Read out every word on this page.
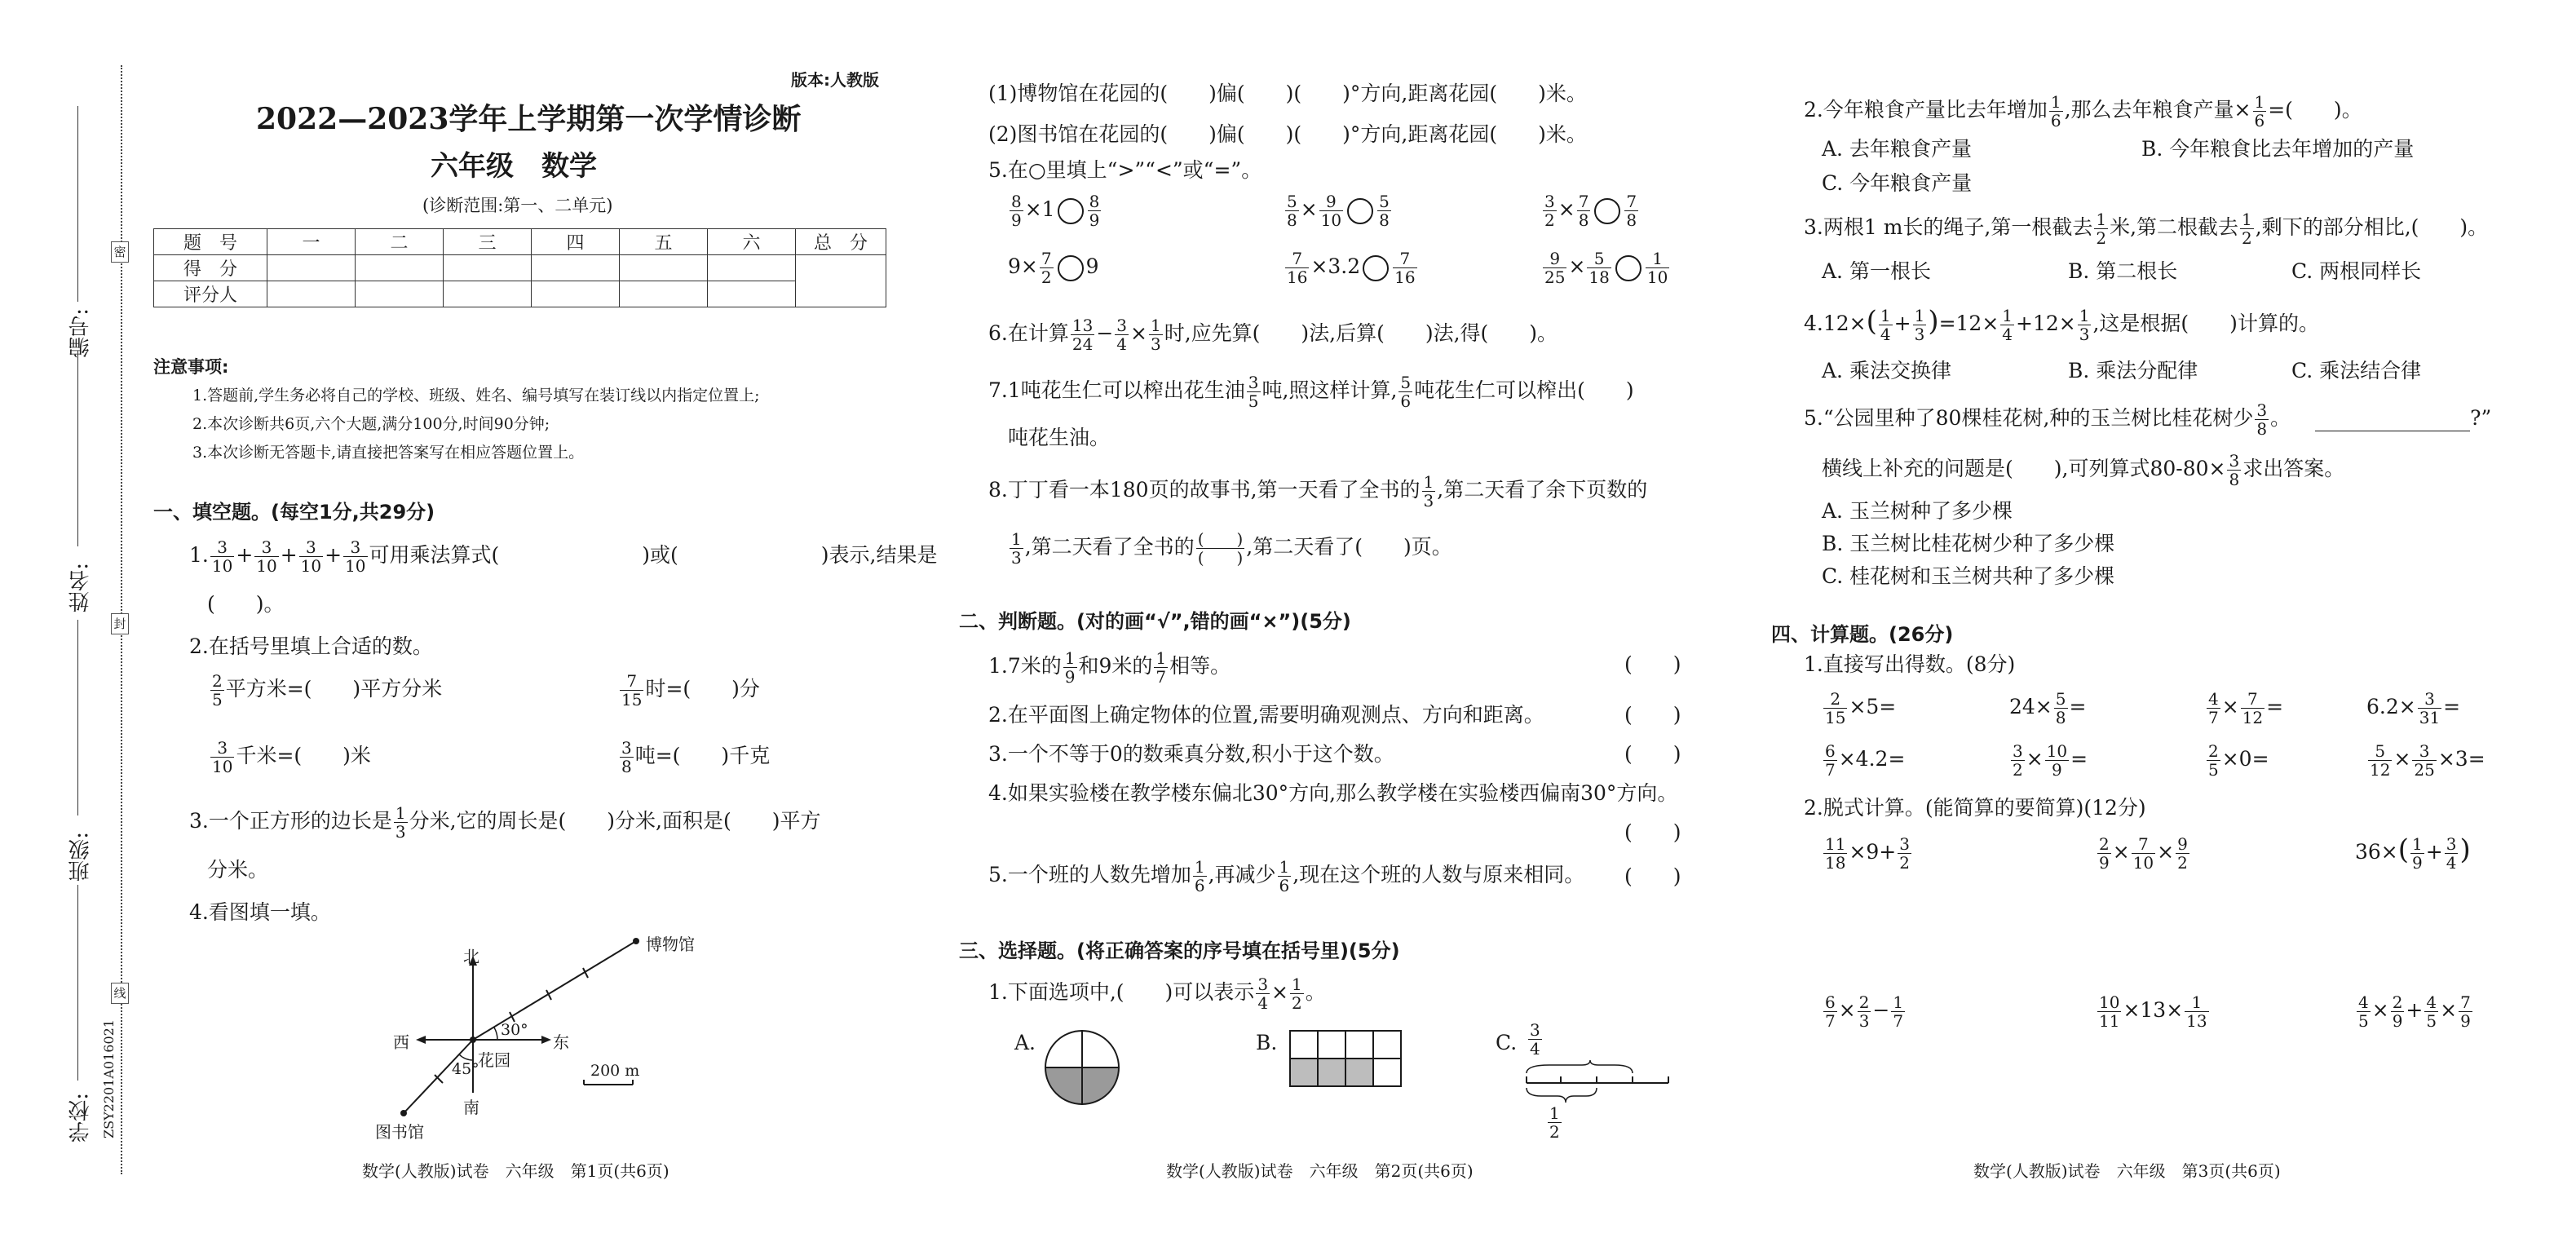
密
封
线
编号:
姓名:
班级:
学校: ZSY2201A016021
版本:人教版
2022—2023学年上学期第一次学情诊断
六年级　数学
(诊断范围:第一、二单元)
题　号	一	二	三	四	五	六	总　分
得　分							
评分人							
注意事项:
1.答题前,学生务必将自己的学校、班级、姓名、编号填写在装订线以内指定位置上;
2.本次诊断共6页,六个大题,满分100分,时间90分钟;
3.本次诊断无答题卡,请直接把答案写在相应答题位置上。
一、填空题。(每空1分,共29分)
1. $\frac{3}{10} + \frac{3}{10} + \frac{3}{10} + \frac{3}{10}$ 可用乘法算式(　　　　　　　)或(　　　　　　　)表示,结果是
(　　)。
2.在括号里填上合适的数。
$\frac{2}{5}$ 平方米=(　　)平方分米	$\frac{7}{15}$ 时=(　　)分
$\frac{3}{10}$ 千米=(　　)米	$\frac{3}{8}$ 吨=(　　)千克
3.一个正方形的边长是 $\frac{1}{3}$ 分米,它的周长是(　　)分米,面积是(　　)平方
分米。
4.看图填一填。
北
南
西	东
博物馆
图书馆
花园
30°
45°	200 m
数学(人教版)试卷　六年级　第1页(共6页)
(1)博物馆在花园的(　　)偏(　　)(　　)°方向,距离花园(　　)米。
(2)图书馆在花园的(　　)偏(　　)(　　)°方向,距离花园(　　)米。
5.在○里填上“>”“<”或“=”。
$\frac{8}{9} \times 1 \frac{8}{9}$	$\frac{5}{8} \times \frac{9}{10} \frac{5}{8}$	$\frac{3}{2} \times \frac{7}{8} \frac{7}{8}$
$9\times \frac{7}{2} 9$	$\frac{7}{16} \times 3.2 \frac{7}{16}$	$\frac{9}{25} \times \frac{5}{18} \frac{1}{10}$
6.在计算 $\frac{13}{24} - \frac{3}{4} \times \frac{1}{3}$ 时,应先算(　　)法,后算(　　)法,得(　　)。
7.1吨花生仁可以榨出花生油 $\frac{3}{5}$ 吨,照这样计算, $\frac{5}{6}$ 吨花生仁可以榨出(　　)
吨花生油。
8.丁丁看一本180页的故事书,第一天看了全书的 $\frac{1}{3}$ ,第二天看了余下页数的
$\frac{1}{3}$ ,第二天看了全书的 $\frac{( )}{( )}$ ,第二天看了(　　)页。
二、判断题。(对的画“√”,错的画“×”)(5分)
1.7米的 $\frac{1}{9}$ 和9米的 $\frac{1}{7}$ 相等。	(　　)
2.在平面图上确定物体的位置,需要明确观测点、方向和距离。	(　　)
3.一个不等于0的数乘真分数,积小于这个数。	(　　)
4.如果实验楼在教学楼东偏北30°方向,那么教学楼在实验楼西偏南30°方向。
(　　)
5.一个班的人数先增加 $\frac{1}{6}$ ,再减少 $\frac{1}{6}$ ,现在这个班的人数与原来相同。 (　　)
三、选择题。(将正确答案的序号填在括号里)(5分)
1.下面选项中,(　　)可以表示 $\frac{3}{4} \times \frac{1}{2}$ 。
A.	B.	C. $\frac{3}{4}$
$\frac{1}{2}$
数学(人教版)试卷　六年级　第2页(共6页)
2.今年粮食产量比去年增加 $\frac{1}{6}$ ,那么去年粮食产量× $\frac{1}{6}$ =(　　)。
A. 去年粮食产量	B. 今年粮食比去年增加的产量
C. 今年粮食产量
3.两根1 m长的绳子,第一根截去 $\frac{1}{2}$ 米,第二根截去 $\frac{1}{2}$ ,剩下的部分相比,(　　)。
A. 第一根长	B. 第二根长	C. 两根同样长
$4.12\times( \frac{1}{4} + \frac{1}{3} )=12\times \frac{1}{4} +12\times \frac{1}{3}$ ,这是根据(　　)计算的。
A. 乘法交换律	B. 乘法分配律	C. 乘法结合律
5.“公园里种了80棵桂花树,种的玉兰树比桂花树少 $\frac{3}{8}$ 。	?”
横线上补充的问题是(　　),可列算式$80-80\times \frac{3}{8}$ 求出答案。
A. 玉兰树种了多少棵
B. 玉兰树比桂花树少种了多少棵
C. 桂花树和玉兰树共种了多少棵
四、计算题。(26分)
1.直接写出得数。(8分)
$\frac{2}{15} \times 5=$	$24\times \frac{5}{8}$ =	$\frac{4}{7} \times \frac{7}{12}$ =	$6.2\times \frac{3}{31}$ =
$\frac{6}{7} \times 4.2=$	$\frac{3}{2} \times \frac{10}{9}$ =	$\frac{2}{5} \times 0=$	$\frac{5}{12} \times \frac{3}{25} \times 3=$
2.脱式计算。(能简算的要简算)(12分)
$\frac{11}{18} \times 9+ \frac{3}{2}$	$\frac{2}{9} \times \frac{7}{10} \times \frac{9}{2}$	$36\times( \frac{1}{9} + \frac{3}{4}$ )
$\frac{6}{7} \times \frac{2}{3} - \frac{1}{7}$	$\frac{10}{11} \times 13\times \frac{1}{13}$	$\frac{4}{5} \times \frac{2}{9} + \frac{4}{5} \times \frac{7}{9}$
数学(人教版)试卷　六年级　第3页(共6页)
